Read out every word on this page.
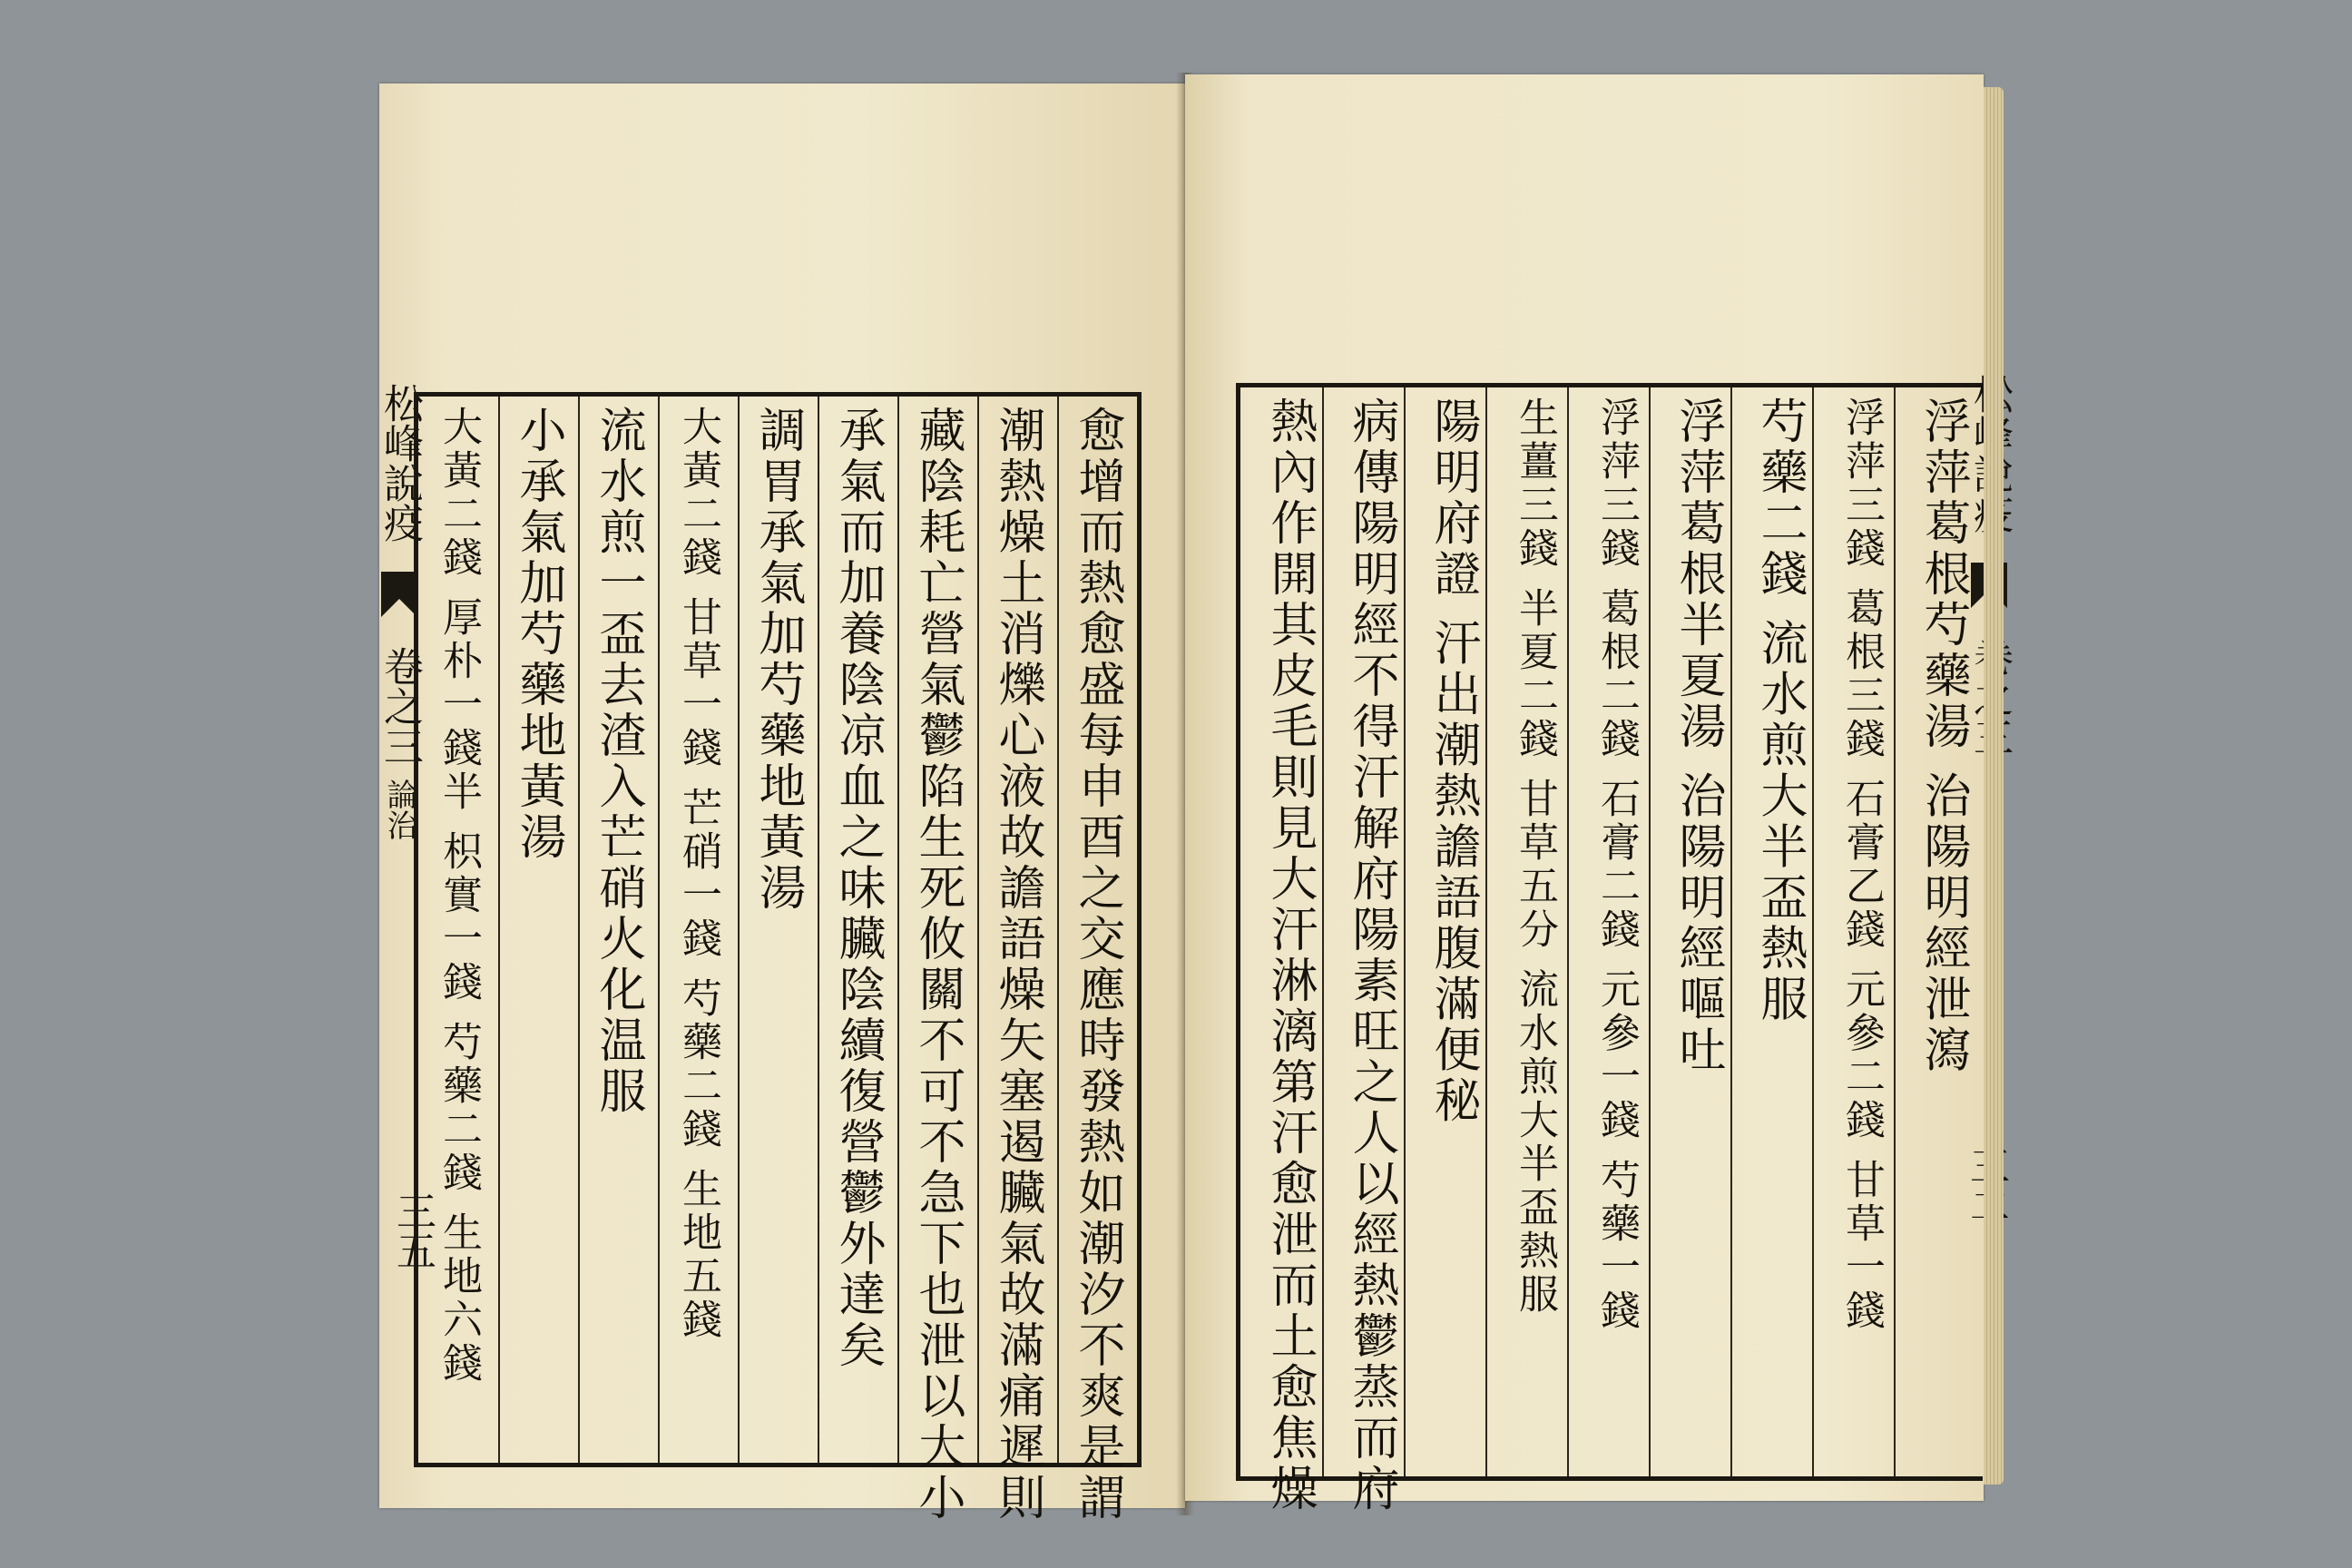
松峰說疫  卷之三 論治
三五	愈增而熱愈盛每申酉之交應時發熱如潮汐不爽是謂
潮熱燥土消爍心液故譫語燥矢塞遏臟氣故滿痛遲則
藏陰耗亡營氣鬱陷生死攸關不可不急下也泄以大小
承氣而加養陰凉血之味臟陰續復營鬱外達矣
調胃承氣加芍藥地黃湯
大黃二錢 甘草一錢 芒硝一錢 芍藥二錢 生地五錢
流水煎一盃去渣入芒硝火化温服
小承氣加芍藥地黃湯
大黃二錢 厚朴一錢半 枳實一錢 芍藥二錢 生地六錢	浮萍葛根芍藥湯 治陽明經泄瀉
浮萍三錢 葛根三錢 石膏乙錢 元參二錢 甘草一錢
芍藥二錢 流水煎大半盃熱服
浮萍葛根半夏湯 治陽明經嘔吐
浮萍三錢 葛根二錢 石膏二錢 元參一錢 芍藥一錢
生薑三錢 半夏二錢 甘草五分 流水煎大半盃熱服
陽明府證 汗出潮熱譫語腹滿便秘
病傳陽明經不得汗解府陽素旺之人以經熱鬱蒸而府
熱內作開其皮毛則見大汗淋漓第汗愈泄而土愈焦燥
